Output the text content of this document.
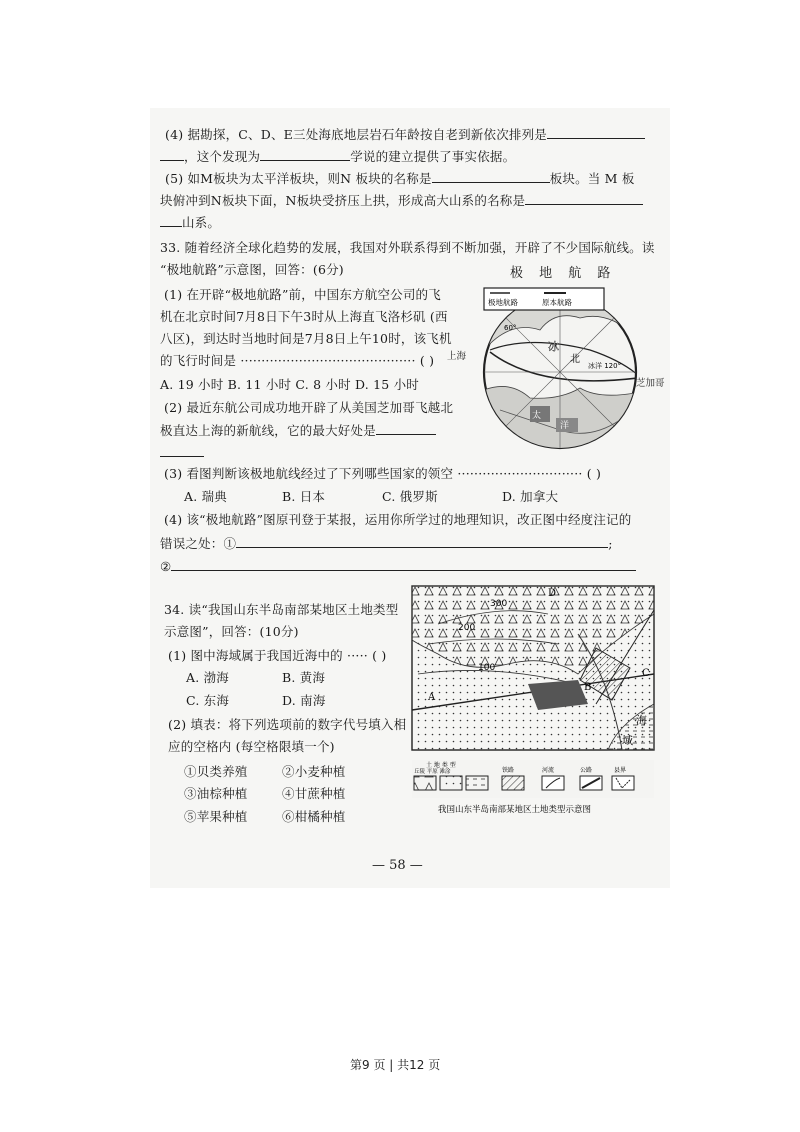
(4) 据勘探，C、D、E三处海底地层岩石年龄按自老到新依次排列是
，这个发现为	学说的建立提供了事实依据。
(5) 如M板块为太平洋板块，则N 板块的名称是	板块。当 M 板
块俯冲到N板块下面，N板块受挤压上拱，形成高大山系的名称是
山系。
33. 随着经济全球化趋势的发展，我国对外联系得到不断加强，开辟了不少国际航线。读
“极地航路”示意图，回答：(6分)
(1) 在开辟“极地航路”前，中国东方航空公司的飞
机在北京时间7月8日下午3时从上海直飞洛杉矶 (西
八区)，到达时当地时间是7月8日上午10时，该飞机
的飞行时间是 ·········································· ( )
A. 19 小时 B. 11 小时 C. 8 小时 D. 15 小时
(2) 最近东航公司成功地开辟了从美国芝加哥飞越北
极直达上海的新航线，它的最大好处是
极 地 航 路
极地航路	原本航路
冰
北
60°
冰洋 120°
太
洋
上海
芝加哥
(3) 看图判断该极地航线经过了下列哪些国家的领空 ······························ ( )
A. 瑞典	B. 日本	C. 俄罗斯	D. 加拿大
(4) 该“极地航路”图原刊登于某报，运用你所学过的地理知识，改正图中经度注记的
错误之处：①	;
②
34. 读“我国山东半岛南部某地区土地类型
示意图”，回答：(10分)
(1) 图中海域属于我国近海中的 ····· ( )
A. 渤海	B. 黄海
C. 东海	D. 南海
(2) 填表：将下列选项前的数字代号填入相
应的空格内 (每空格限填一个)
①贝类养殖	②小麦种植
③油棕种植	④甘蔗种植
⑤苹果种植	⑥柑橘种植
300
200
100
A
B
C
D
海
域
土 地 类 型
丘陵 平原 滩涂	铁路	河流	公路	县界
我国山东半岛南部某地区土地类型示意图
— 58 —
第9 页 | 共12 页
